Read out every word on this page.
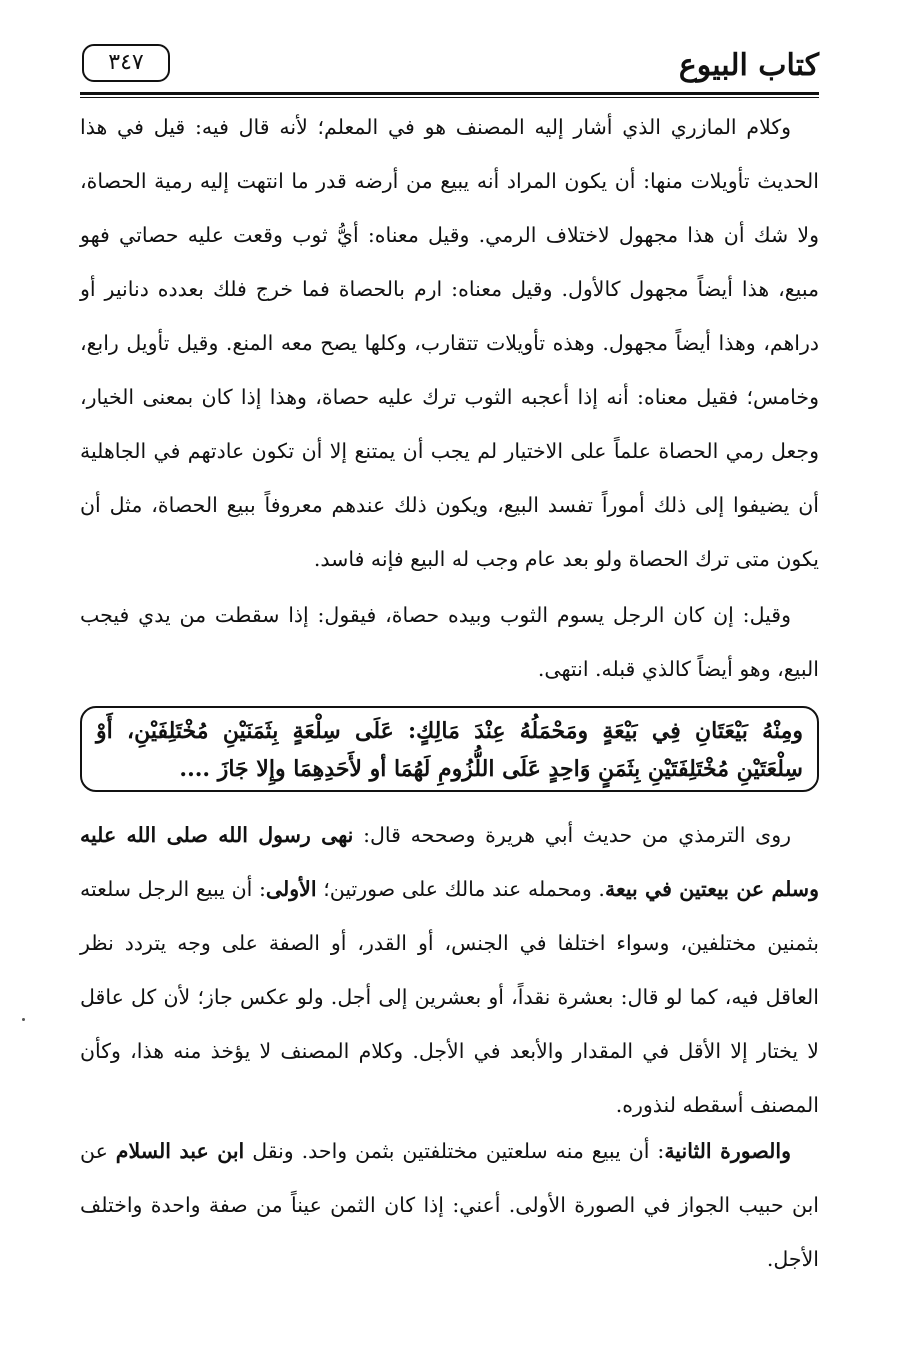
كتاب البيوع
٣٤٧

وكلام المازري الذي أشار إليه المصنف هو في المعلم؛ لأنه قال فيه: قيل في هذا الحديث تأويلات منها: أن يكون المراد أنه يبيع من أرضه قدر ما انتهت إليه رمية الحصاة، ولا شك أن هذا مجهول لاختلاف الرمي. وقيل معناه: أيُّ ثوب وقعت عليه حصاتي فهو مبيع، هذا أيضاً مجهول كالأول. وقيل معناه: ارم بالحصاة فما خرج فلك بعدده دنانير أو دراهم، وهذا أيضاً مجهول. وهذه تأويلات تتقارب، وكلها يصح معه المنع. وقيل تأويل رابع، وخامس؛ فقيل معناه: أنه إذا أعجبه الثوب ترك عليه حصاة، وهذا إذا كان بمعنى الخيار، وجعل رمي الحصاة علماً على الاختيار لم يجب أن يمتنع إلا أن تكون عادتهم في الجاهلية أن يضيفوا إلى ذلك أموراً تفسد البيع، ويكون ذلك عندهم معروفاً ببيع الحصاة، مثل أن يكون متى ترك الحصاة ولو بعد عام وجب له البيع فإنه فاسد.

وقيل: إن كان الرجل يسوم الثوب وبيده حصاة، فيقول: إذا سقطت من يدي فيجب البيع، وهو أيضاً كالذي قبله. انتهى.

ومِنْهُ بَيْعَتَانِ فِي بَيْعَةٍ ومَحْمَلُهُ عِنْدَ مَالِكٍ: عَلَى سِلْعَةٍ بِثَمَنَيْنِ مُخْتَلِفَيْنِ، أَوْ سِلْعَتَيْنِ مُخْتَلِفَتَيْنِ بِثَمَنٍ وَاحِدٍ عَلَى اللُّزُومِ لَهُمَا أو لأَحَدِهِمَا وإِلا جَازَ ....

روى الترمذي من حديث أبي هريرة وصححه قال: نهى رسول الله صلى الله عليه وسلم عن بيعتين في بيعة. ومحمله عند مالك على صورتين؛ الأولى: أن يبيع الرجل سلعته بثمنين مختلفين، وسواء اختلفا في الجنس، أو القدر، أو الصفة على وجه يتردد نظر العاقل فيه، كما لو قال: بعشرة نقداً، أو بعشرين إلى أجل. ولو عكس جاز؛ لأن كل عاقل لا يختار إلا الأقل في المقدار والأبعد في الأجل. وكلام المصنف لا يؤخذ منه هذا، وكأن المصنف أسقطه لنذوره.

والصورة الثانية: أن يبيع منه سلعتين مختلفتين بثمن واحد. ونقل ابن عبد السلام عن ابن حبيب الجواز في الصورة الأولى. أعني: إذا كان الثمن عيناً من صفة واحدة واختلف الأجل.
